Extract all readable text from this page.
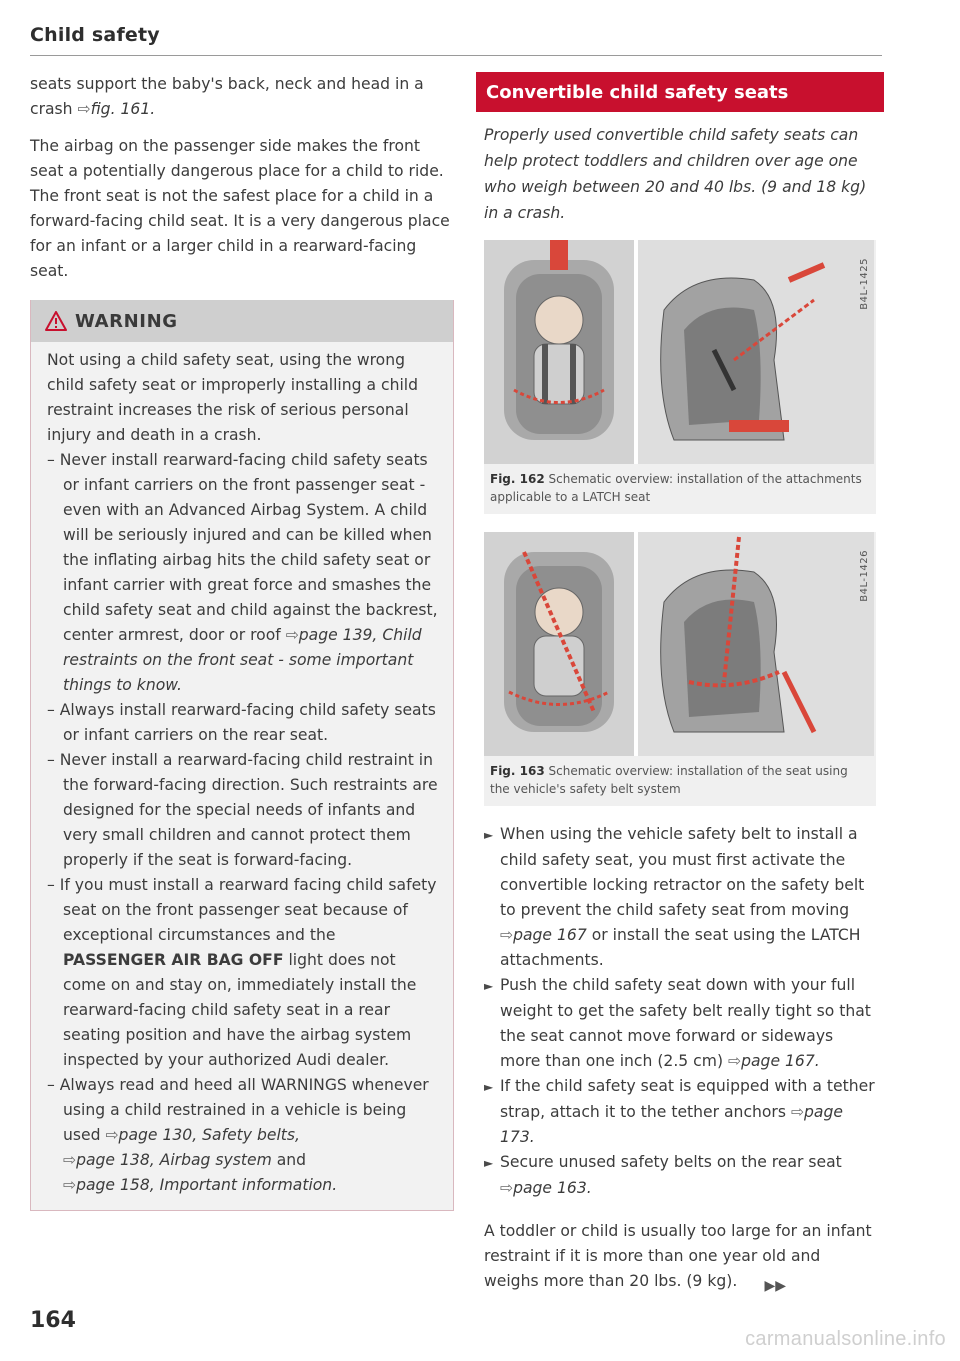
Child safety

seats support the baby's back, neck and head in a crash ⇨fig. 161.

The airbag on the passenger side makes the front seat a potentially dangerous place for a child to ride. The front seat is not the safest place for a child in a forward-facing child seat. It is a very dangerous place for an infant or a larger child in a rearward-facing seat.

WARNING

Not using a child safety seat, using the wrong child safety seat or improperly installing a child restraint increases the risk of serious personal injury and death in a crash.

– Never install rearward-facing child safety seats or infant carriers on the front passenger seat - even with an Advanced Airbag System. A child will be seriously injured and can be killed when the inflating airbag hits the child safety seat or infant carrier with great force and smashes the child safety seat and child against the backrest, center armrest, door or roof ⇨page 139, Child restraints on the front seat - some important things to know.

– Always install rearward-facing child safety seats or infant carriers on the rear seat.

– Never install a rearward-facing child restraint in the forward-facing direction. Such restraints are designed for the special needs of infants and very small children and cannot protect them properly if the seat is forward-facing.

– If you must install a rearward facing child safety seat on the front passenger seat because of exceptional circumstances and the PASSENGER AIR BAG OFF light does not come on and stay on, immediately install the rearward-facing child safety seat in a rear seating position and have the airbag system inspected by your authorized Audi dealer.

– Always read and heed all WARNINGS whenever using a child restrained in a vehicle is being used ⇨page 130, Safety belts,
⇨page 138, Airbag system and
⇨page 158, Important information.

Convertible child safety seats
Properly used convertible child safety seats can help protect toddlers and children over age one who weigh between 20 and 40 lbs. (9 and 18 kg) in a crash.
B4L-1425
Fig. 162 Schematic overview: installation of the attachments applicable to a LATCH seat
B4L-1426
Fig. 163 Schematic overview: installation of the seat using the vehicle's safety belt system

► When using the vehicle safety belt to install a child safety seat, you must first activate the convertible locking retractor on the safety belt to prevent the child safety seat from moving ⇨page 167 or install the seat using the LATCH attachments.

► Push the child safety seat down with your full weight to get the safety belt really tight so that the seat cannot move forward or sideways more than one inch (2.5 cm) ⇨page 167.

► If the child safety seat is equipped with a tether strap, attach it to the tether anchors ⇨page 173.

► Secure unused safety belts on the rear seat ⇨page 163.

A toddler or child is usually too large for an infant restraint if it is more than one year old and weighs more than 20 lbs. (9 kg).	▶▶
164
carmanualsonline.info
